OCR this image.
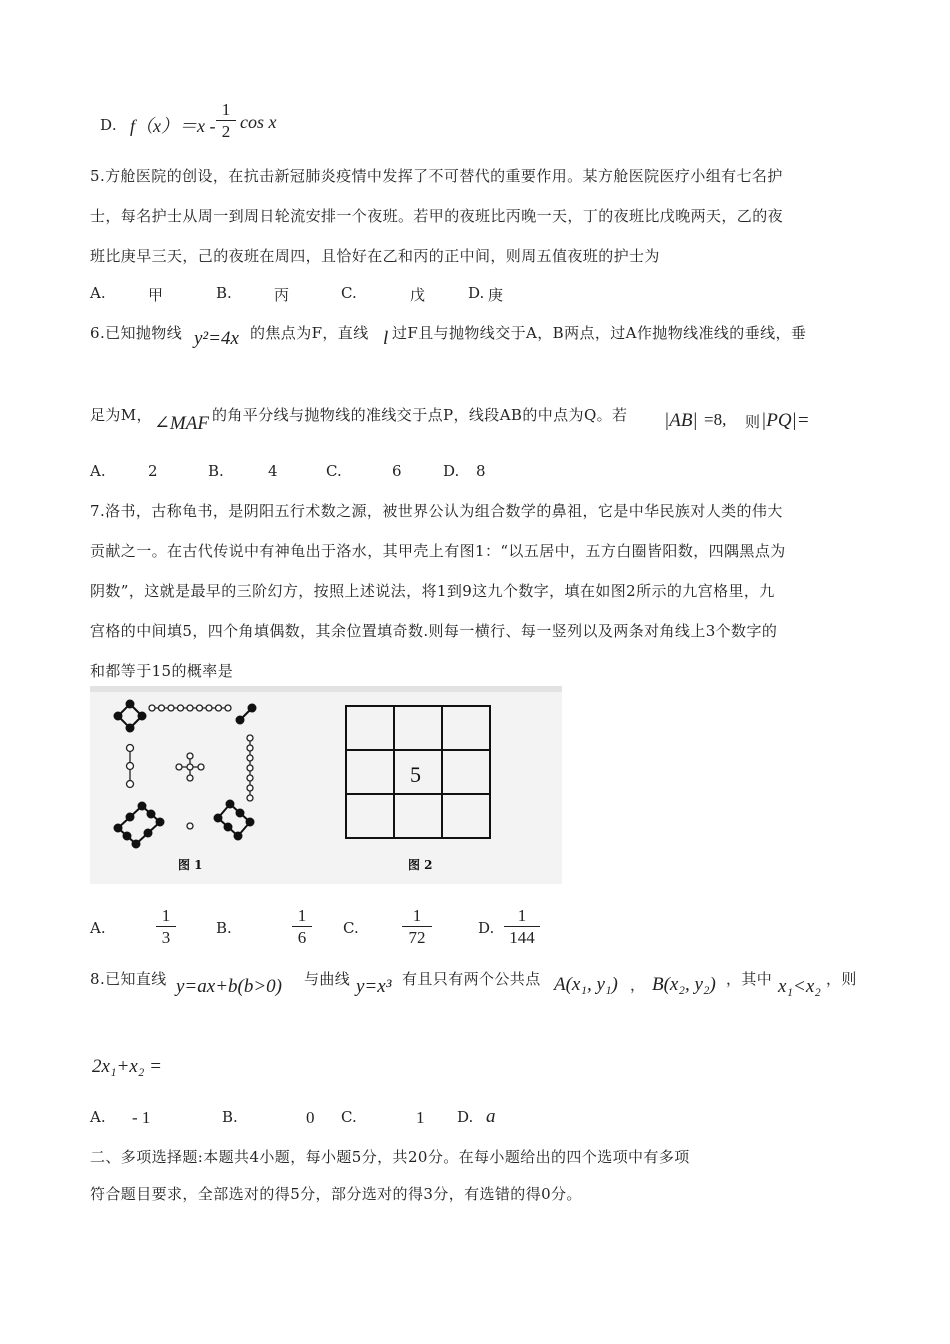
D. $f(x)=x - \frac{1}{2}$ cos x
5.方舱医院的创设，在抗击新冠肺炎疫情中发挥了不可替代的重要作用。某方舱医院医疗小组有七名护
士，每名护士从周一到周日轮流安排一个夜班。若甲的夜班比丙晚一天，丁的夜班比戊晚两天，乙的夜
班比庚早三天，己的夜班在周四，且恰好在乙和丙的正中间，则周五值夜班的护士为
A.	甲	B.	丙	C.	戊	D. 庚
6.已知抛物线 y²=4x 的焦点为F，直线 l 过F且与抛物线交于A，B两点，过A作抛物线准线的垂线，垂
足为M， ∠MAF 的角平分线与抛物线的准线交于点P，线段AB的中点为Q。若 |AB| =8, 则 |PQ|=
A.	2	B.	4	C.	6	D. 8
7.洛书，古称龟书，是阴阳五行术数之源，被世界公认为组合数学的鼻祖，它是中华民族对人类的伟大
贡献之一。在古代传说中有神龟出于洛水，其甲壳上有图1：“以五居中，五方白圈皆阳数，四隅黑点为
阴数”，这就是最早的三阶幻方，按照上述说法，将1到9这九个数字，填在如图2所示的九宫格里，九
宫格的中间填5，四个角填偶数，其余位置填奇数.则每一横行、每一竖列以及两条对角线上3个数字的
和都等于15的概率是
5
图 1	图 2
A.	$\frac{1}{3}$	B.	$\frac{1}{6} C$.	$\frac{1}{72}$	D. $\frac{1}{144}$
8.已知直线 y=ax+b(b>0) 与曲线 y=x³ 有且只有两个公共点 A(x₁, y₁) ， B(x₂, y₂) ，其中 x₁<x₂ ，则
2x₁+x₂ =
A. - 1	B.	0 C.	1 D. a
二、多项选择题:本题共4小题，每小题5分，共20分。在每小题给出的四个选项中有多项
符合题目要求，全部选对的得5分，部分选对的得3分，有选错的得0分。
